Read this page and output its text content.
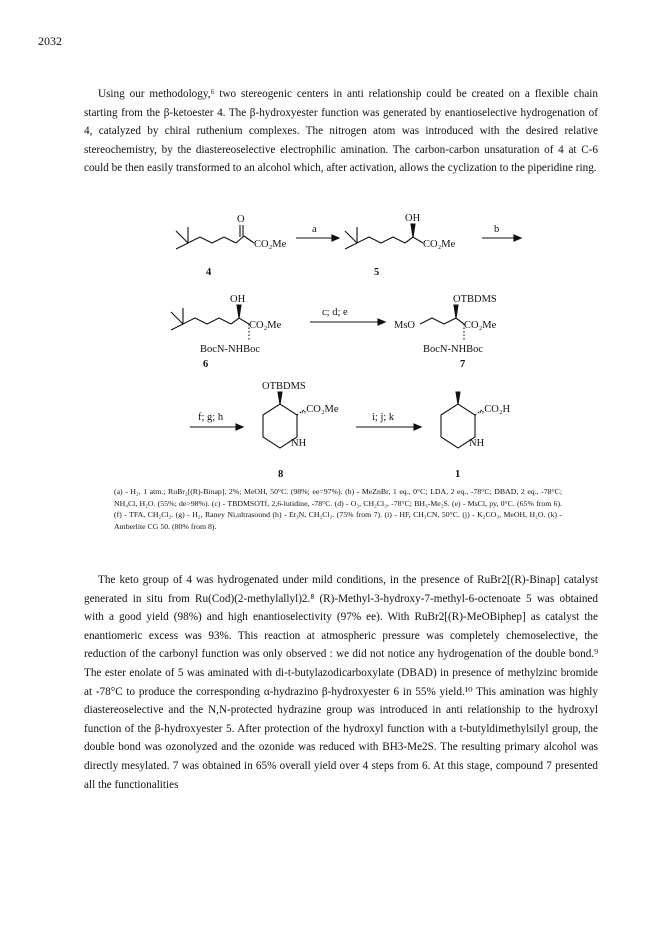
2032

Using our methodology,⁶ two stereogenic centers in anti relationship could be created on a flexible chain starting from the β-ketoester 4. The β-hydroxyester function was generated by enantioselective hydrogenation of 4, catalyzed by chiral ruthenium complexes. The nitrogen atom was introduced with the desired relative stereochemistry, by the diastereoselective electrophilic amination. The carbon-carbon unsaturation of 4 at C-6 could be then easily transformed to an alcohol which, after activation, allows the cyclization to the piperidine ring.

O
CO₂Me
4
a
OH
CO₂Me
5
b
OH
CO₂Me
BocN-NHBoc
6
c; d; e
MsO
OTBDMS
CO₂Me
BocN-NHBoc
7
f; g; h
OTBDMS
,,CO₂Me
NH
8
i; j; k
,,CO₂H
NH
1

(a) - H₂, 1 atm.; RuBr₂[(R)-Binap], 2%; MeOH, 50°C. (98%; ee=97%). (b) - MeZnBr, 1 eq., 0°C; LDA, 2 eq., -78°C; DBAD, 2 eq., -78°C; NH₄Cl, H₂O. (55%; de>98%). (c) - TBDMSOTf, 2,6-lutidine, -78°C. (d) - O₃, CH₂Cl₂, -78°C; BH₃-Me₂S. (e) - MsCl, py, 0°C. (65% from 6). (f) - TFA, CH₂Cl₂. (g) - H₂, Raney Ni,ultrasound (h) - Et₃N, CH₂Cl₂. (75% from 7). (i) - HF, CH₃CN, 50°C. (j) - K₂CO₃, MeOH, H₂O. (k) - Amberlite CG 50. (80% from 8).

The keto group of 4 was hydrogenated under mild conditions, in the presence of RuBr2[(R)-Binap] catalyst generated in situ from Ru(Cod)(2-methylallyl)2.⁸ (R)-Methyl-3-hydroxy-7-methyl-6-octenoate 5 was obtained with a good yield (98%) and high enantioselectivity (97% ee). With RuBr2[(R)-MeOBiphep] as catalyst the enantiomeric excess was 93%. This reaction at atmospheric pressure was completely chemoselective, the reduction of the carbonyl function was only observed : we did not notice any hydrogenation of the double bond.⁹ The ester enolate of 5 was aminated with di-t-butylazodicarboxylate (DBAD) in presence of methylzinc bromide at -78°C to produce the corresponding α-hydrazino β-hydroxyester 6 in 55% yield.¹⁰ This amination was highly diastereoselective and the N,N-protected hydrazine group was introduced in anti relationship to the hydroxyl function of the β-hydroxyester 5. After protection of the hydroxyl function with a t-butyldimethylsilyl group, the double bond was ozonolyzed and the ozonide was reduced with BH3-Me2S. The resulting primary alcohol was directly mesylated. 7 was obtained in 65% overall yield over 4 steps from 6. At this stage, compound 7 presented all the functionalities
